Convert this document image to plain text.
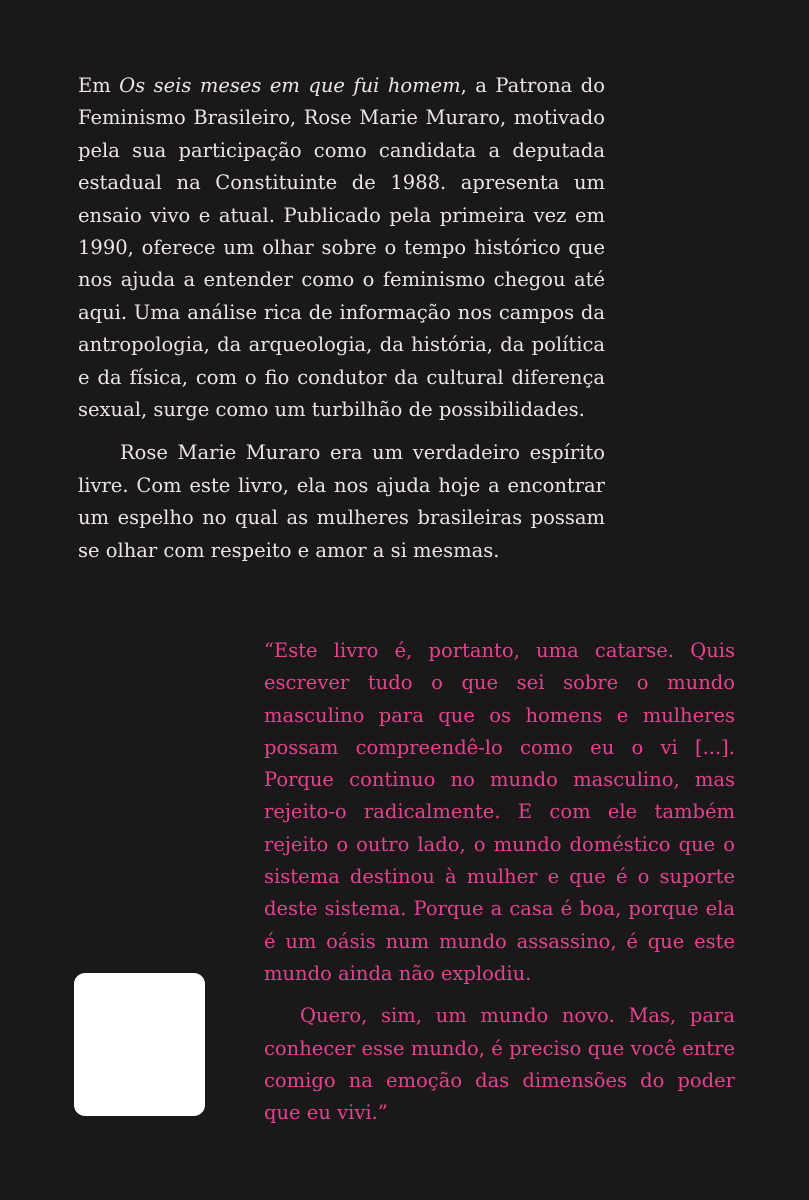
Em Os seis meses em que fui homem, a Patrona do Feminismo Brasileiro, Rose Marie Muraro, motivado pela sua participação como candidata a deputada estadual na Constituinte de 1988. apresenta um ensaio vivo e atual. Publicado pela primeira vez em 1990, oferece um olhar sobre o tempo histórico que nos ajuda a entender como o feminismo chegou até aqui. Uma análise rica de informação nos campos da antropologia, da arqueologia, da história, da política e da física, com o fio condutor da cultural diferença sexual, surge como um turbilhão de possibilidades.

Rose Marie Muraro era um verdadeiro espírito livre. Com este livro, ela nos ajuda hoje a encontrar um espelho no qual as mulheres brasileiras possam se olhar com respeito e amor a si mesmas.

“Este livro é, portanto, uma catarse. Quis escrever tudo o que sei sobre o mundo masculino para que os homens e mulheres possam compreendê-lo como eu o vi [...]. Porque continuo no mundo masculino, mas rejeito-o radicalmente. E com ele também rejeito o outro lado, o mundo doméstico que o sistema destinou à mulher e que é o suporte deste sistema. Porque a casa é boa, porque ela é um oásis num mundo assassino, é que este mundo ainda não explodiu.

Quero, sim, um mundo novo. Mas, para conhecer esse mundo, é preciso que você entre comigo na emoção das dimensões do poder que eu vivi.”
